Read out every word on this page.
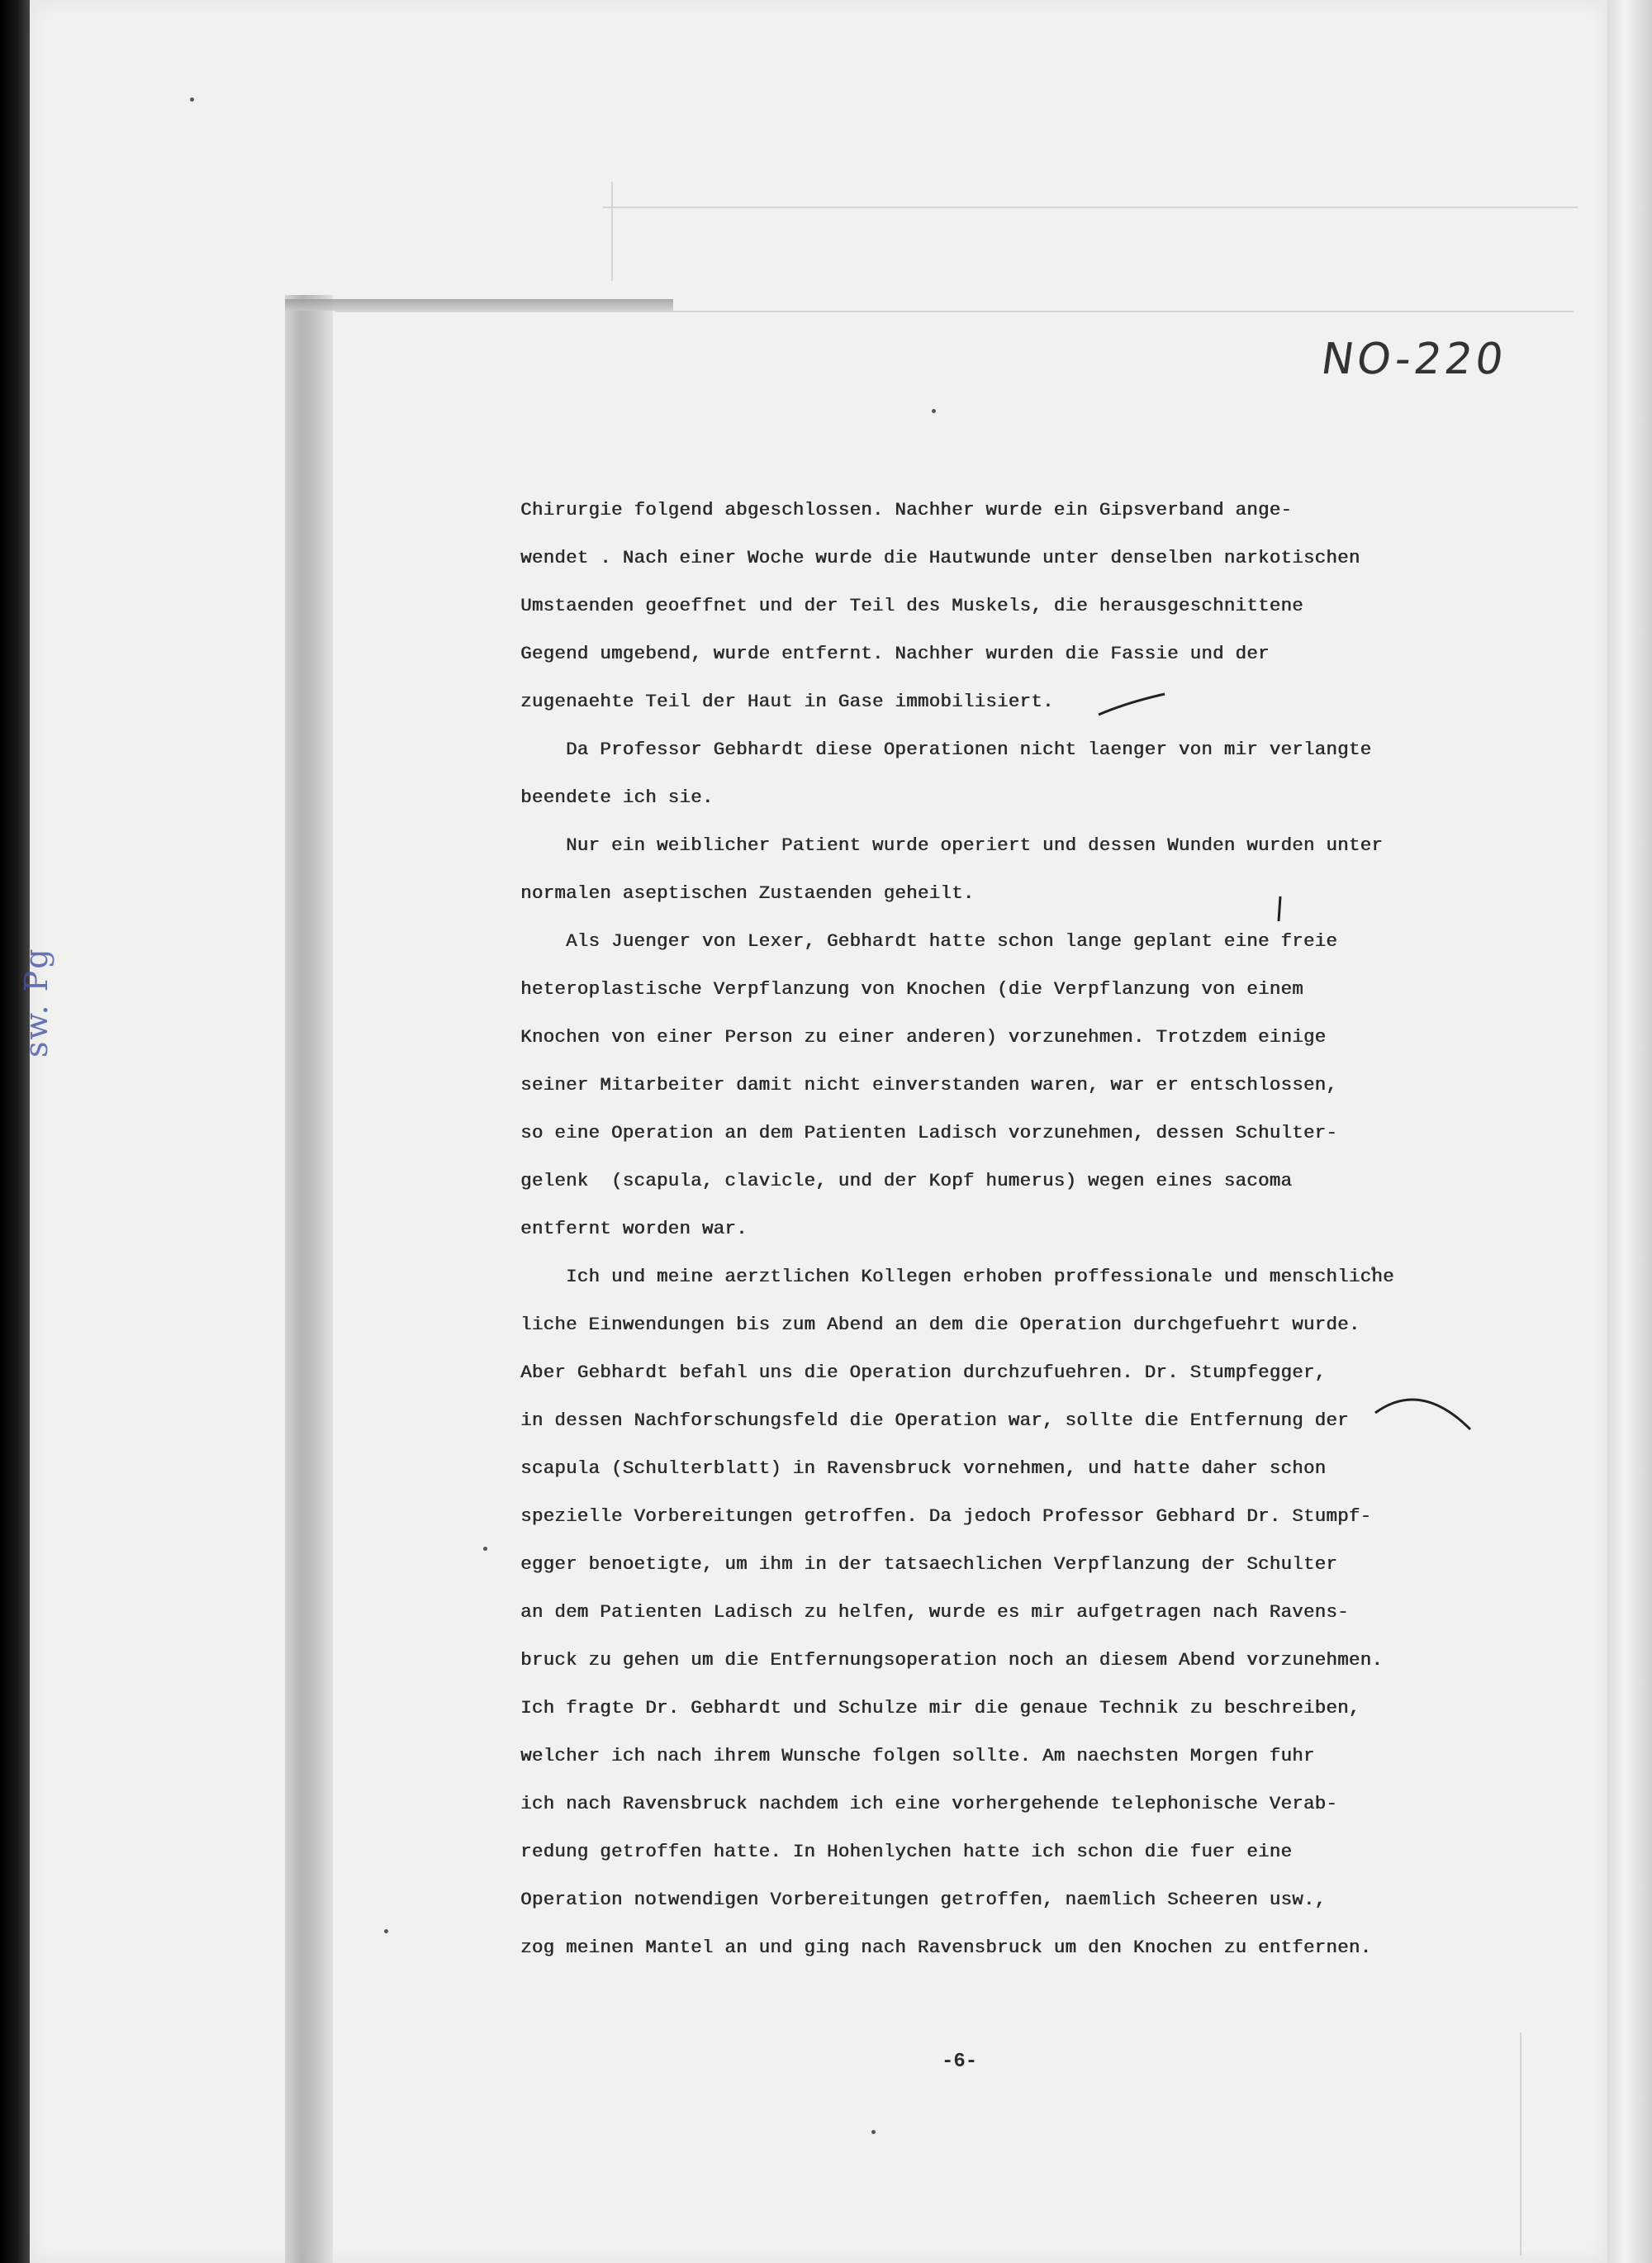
NO-220
sw. Pg
Chirurgie folgend abgeschlossen. Nachher wurde ein Gipsverband ange-
wendet . Nach einer Woche wurde die Hautwunde unter denselben narkotischen
Umstaenden geoeffnet und der Teil des Muskels, die herausgeschnittene
Gegend umgebend, wurde entfernt. Nachher wurden die Fassie und der
zugenaehte Teil der Haut in Gase immobilisiert.
Da Professor Gebhardt diese Operationen nicht laenger von mir verlangte
beendete ich sie.
Nur ein weiblicher Patient wurde operiert und dessen Wunden wurden unter
normalen aseptischen Zustaenden geheilt.
Als Juenger von Lexer, Gebhardt hatte schon lange geplant eine freie
heteroplastische Verpflanzung von Knochen (die Verpflanzung von einem
Knochen von einer Person zu einer anderen) vorzunehmen. Trotzdem einige
seiner Mitarbeiter damit nicht einverstanden waren, war er entschlossen,
so eine Operation an dem Patienten Ladisch vorzunehmen, dessen Schulter-
gelenk  (scapula, clavicle, und der Kopf humerus) wegen eines sacoma
entfernt worden war.
Ich und meine aerztlichen Kollegen erhoben proffessionale und menschliche
liche Einwendungen bis zum Abend an dem die Operation durchgefuehrt wurde.
Aber Gebhardt befahl uns die Operation durchzufuehren. Dr. Stumpfegger,
in dessen Nachforschungsfeld die Operation war, sollte die Entfernung der
scapula (Schulterblatt) in Ravensbruck vornehmen, und hatte daher schon
spezielle Vorbereitungen getroffen. Da jedoch Professor Gebhard Dr. Stumpf-
egger benoetigte, um ihm in der tatsaechlichen Verpflanzung der Schulter
an dem Patienten Ladisch zu helfen, wurde es mir aufgetragen nach Ravens-
bruck zu gehen um die Entfernungsoperation noch an diesem Abend vorzunehmen.
Ich fragte Dr. Gebhardt und Schulze mir die genaue Technik zu beschreiben,
welcher ich nach ihrem Wunsche folgen sollte. Am naechsten Morgen fuhr
ich nach Ravensbruck nachdem ich eine vorhergehende telephonische Verab-
redung getroffen hatte. In Hohenlychen hatte ich schon die fuer eine
Operation notwendigen Vorbereitungen getroffen, naemlich Scheeren usw.,
zog meinen Mantel an und ging nach Ravensbruck um den Knochen zu entfernen.
-6-
